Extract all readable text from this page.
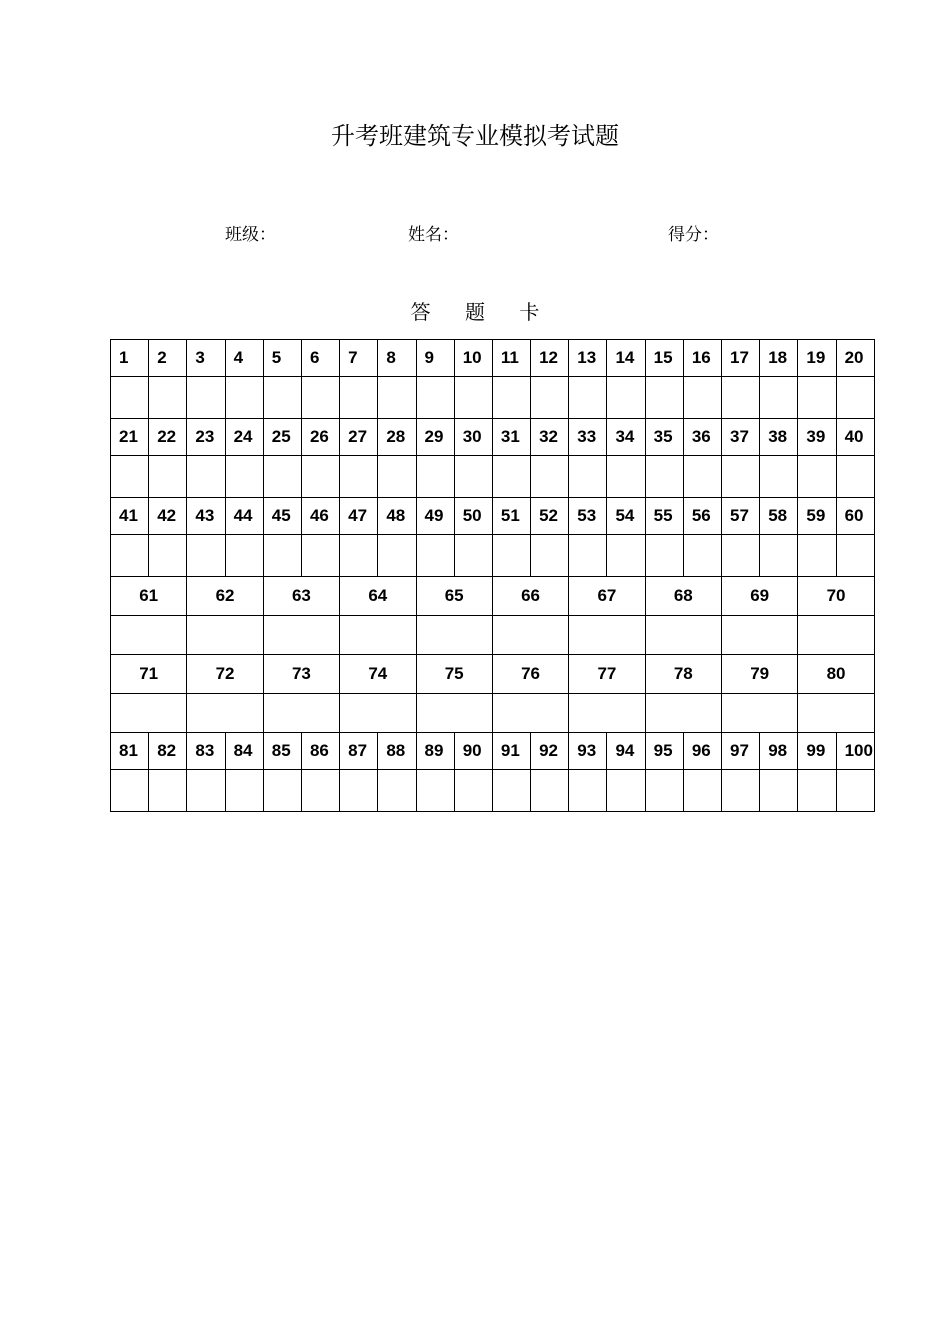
升考班建筑专业模拟考试题
班级：	姓名：	得分：
答 题 卡
1	2	3	4	5	6	7	8	9	10	11	12	13	14	15	16	17	18	19	20

21	22	23	24	25	26	27	28	29	30	31	32	33	34	35	36	37	38	39	40

41	42	43	44	45	46	47	48	49	50	51	52	53	54	55	56	57	58	59	60

61		62		63		64		65		66		67		68		69		70	

71		72		73		74		75		76		77		78		79		80	

81	82	83	84	85	86	87	88	89	90	91	92	93	94	95	96	97	98	99	100
